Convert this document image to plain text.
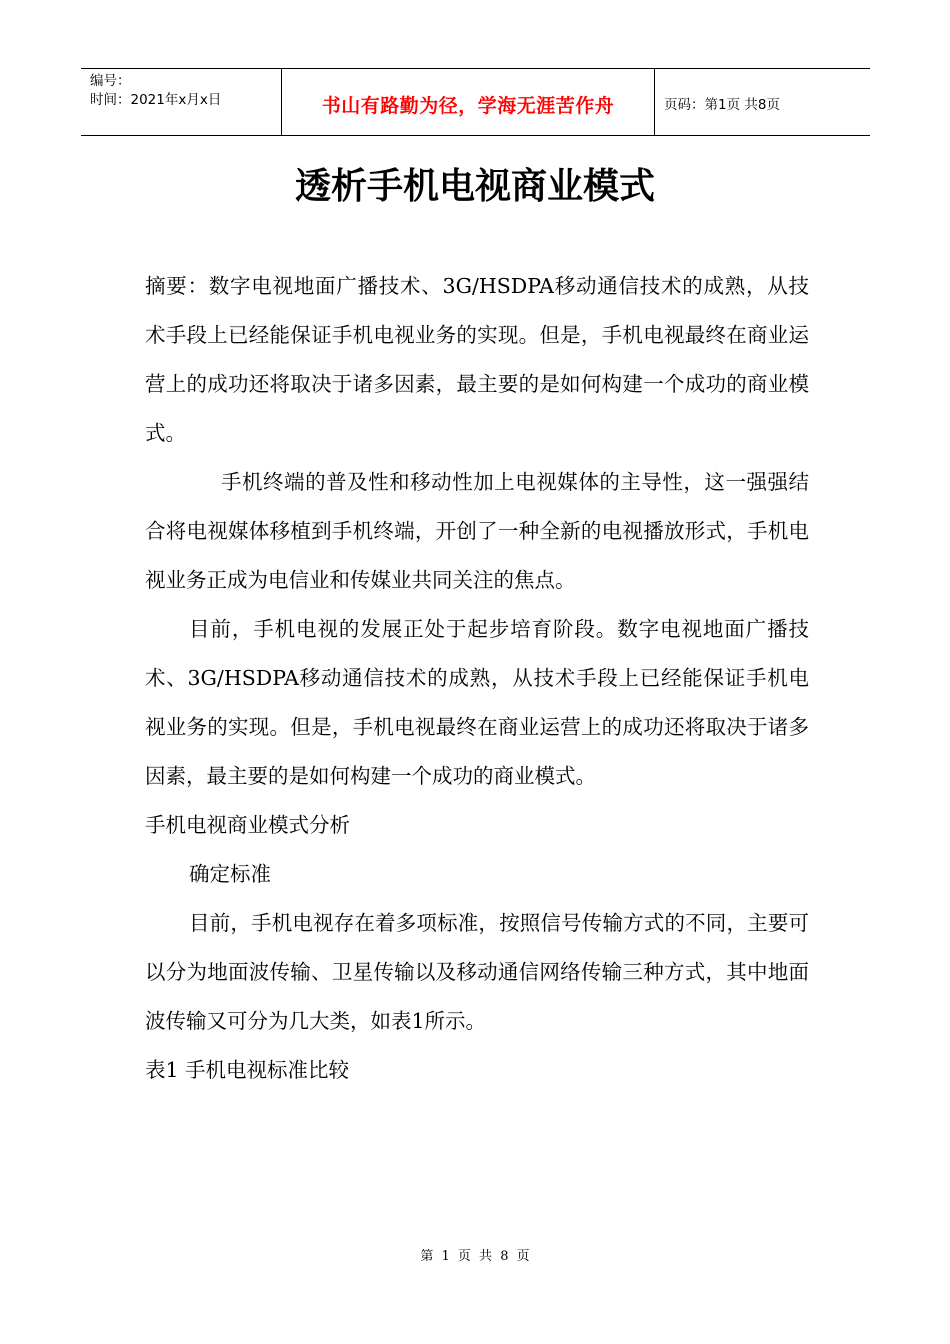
编号：
时间：2021年x月x日	书山有路勤为径，学海无涯苦作舟	页码：第1页 共8页
透析手机电视商业模式

摘要：数字电视地面广播技术、3G/HSDPA移动通信技术的成熟，从技术手段上已经能保证手机电视业务的实现。但是，手机电视最终在商业运营上的成功还将取决于诸多因素，最主要的是如何构建一个成功的商业模式。

手机终端的普及性和移动性加上电视媒体的主导性，这一强强结合将电视媒体移植到手机终端，开创了一种全新的电视播放形式，手机电视业务正成为电信业和传媒业共同关注的焦点。

目前，手机电视的发展正处于起步培育阶段。数字电视地面广播技术、3G/HSDPA移动通信技术的成熟，从技术手段上已经能保证手机电视业务的实现。但是，手机电视最终在商业运营上的成功还将取决于诸多因素，最主要的是如何构建一个成功的商业模式。

手机电视商业模式分析

确定标准

目前，手机电视存在着多项标准，按照信号传输方式的不同，主要可以分为地面波传输、卫星传输以及移动通信网络传输三种方式，其中地面波传输又可分为几大类，如表1所示。

表1 手机电视标准比较

第 1 页 共 8 页
